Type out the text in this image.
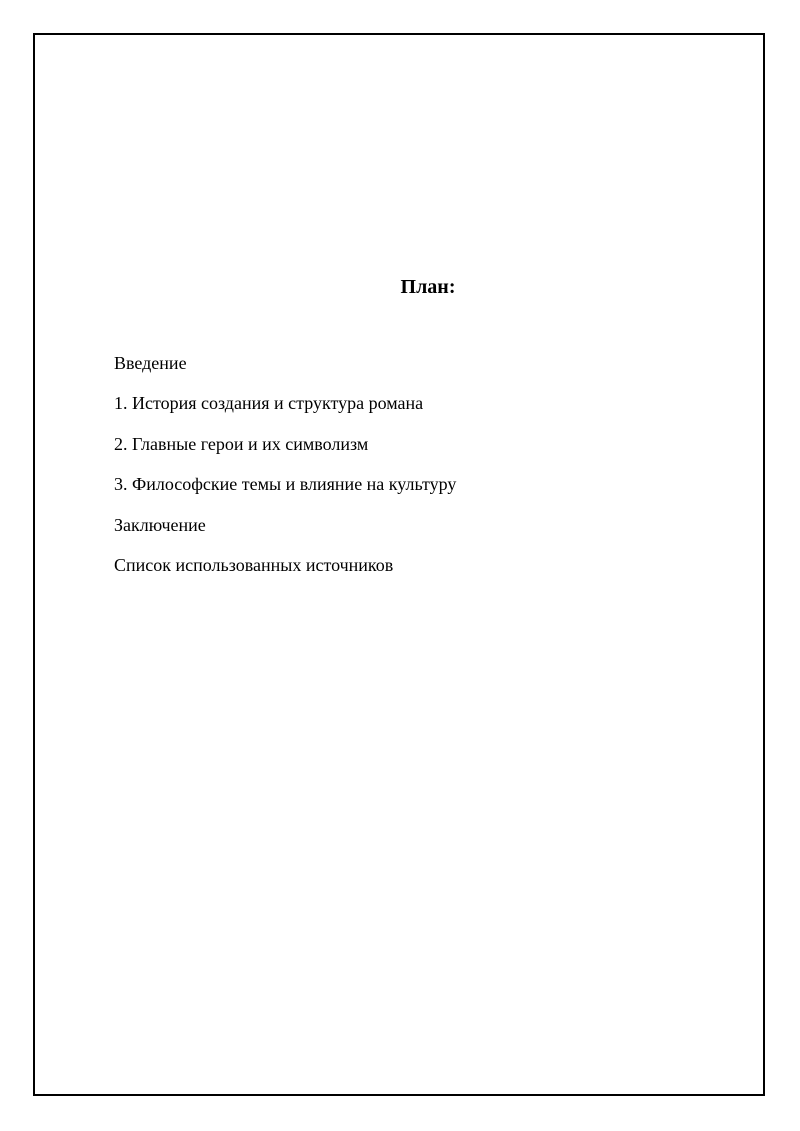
План:
Введение
1. История создания и структура романа
2. Главные герои и их символизм
3. Философские темы и влияние на культуру
Заключение
Список использованных источников
